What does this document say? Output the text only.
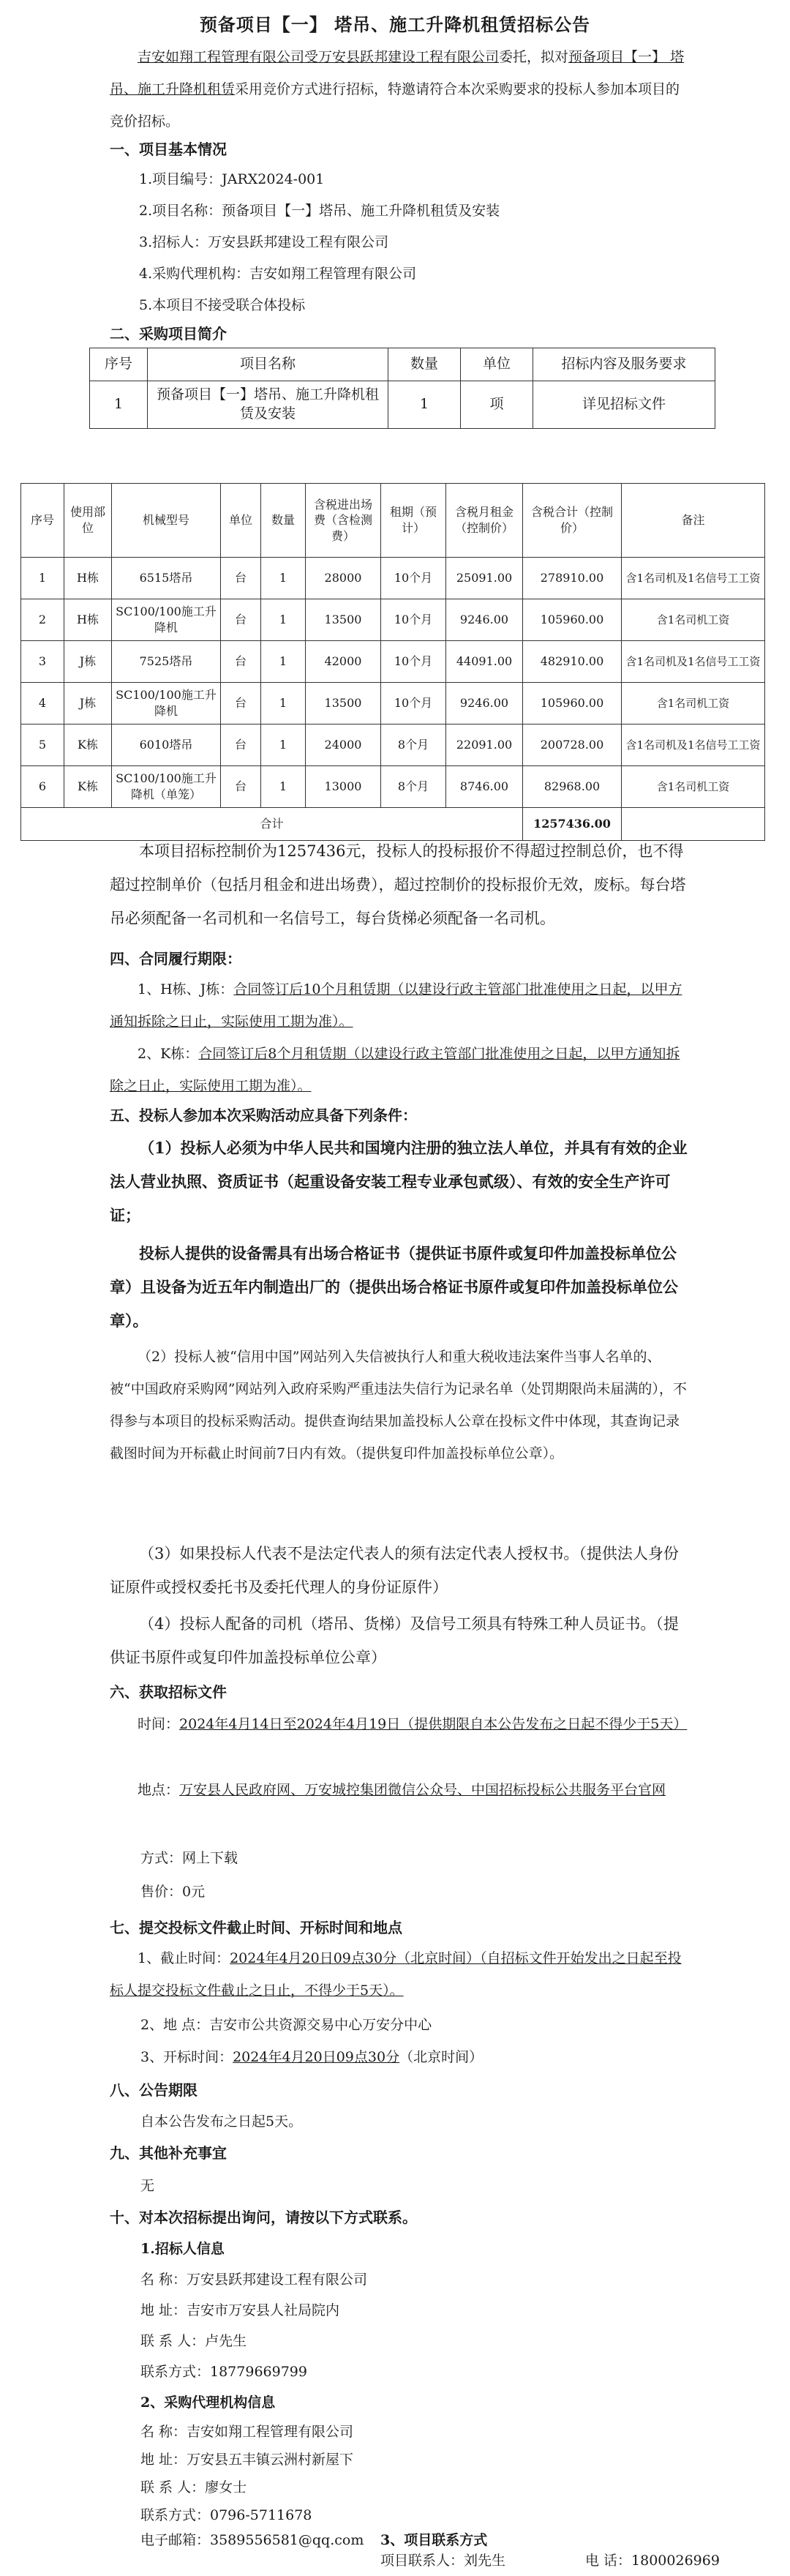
预备项目【一】 塔吊、施工升降机租赁招标公告
吉安如翔工程管理有限公司受万安县跃邦建设工程有限公司委托，拟对预备项目【一】 塔吊、施工升降机租赁采用竞价方式进行招标，特邀请符合本次采购要求的投标人参加本项目的竞价招标。
一、项目基本情况
1.项目编号：JARX2024-001
2.项目名称：预备项目【一】塔吊、施工升降机租赁及安装
3.招标人：万安县跃邦建设工程有限公司
4.采购代理机构：吉安如翔工程管理有限公司
5.本项目不接受联合体投标
二、采购项目简介
序号	项目名称	数量	单位	招标内容及服务要求
1	预备项目【一】塔吊、施工升降机租赁及安装	1	项	详见招标文件
序号	使用部位	机械型号	单位	数量	含税进出场费（含检测费）	租期（预计）	含税月租金（控制价）	含税合计（控制价）	备注
1	H栋	6515塔吊	台	1	28000	10个月	25091.00	278910.00	含1名司机及1名信号工工资
2	H栋	SC100/100施工升降机	台	1	13500	10个月	9246.00	105960.00	含1名司机工资
3	J栋	7525塔吊	台	1	42000	10个月	44091.00	482910.00	含1名司机及1名信号工工资
4	J栋	SC100/100施工升降机	台	1	13500	10个月	9246.00	105960.00	含1名司机工资
5	K栋	6010塔吊	台	1	24000	8个月	22091.00	200728.00	含1名司机及1名信号工工资
6	K栋	SC100/100施工升降机（单笼）	台	1	13000	8个月	8746.00	82968.00	含1名司机工资
合计								1257436.00	
本项目招标控制价为1257436元，投标人的投标报价不得超过控制总价，也不得超过控制单价（包括月租金和进出场费），超过控制价的投标报价无效，废标。每台塔吊必须配备一名司机和一名信号工，每台货梯必须配备一名司机。
四、合同履行期限：
1、H栋、J栋：合同签订后10个月租赁期（以建设行政主管部门批准使用之日起，以甲方通知拆除之日止，实际使用工期为准）。
2、K栋：合同签订后8个月租赁期（以建设行政主管部门批准使用之日起，以甲方通知拆除之日止，实际使用工期为准）。
五、投标人参加本次采购活动应具备下列条件：
（1）投标人必须为中华人民共和国境内注册的独立法人单位，并具有有效的企业法人营业执照、资质证书（起重设备安装工程专业承包贰级）、有效的安全生产许可证；
投标人提供的设备需具有出场合格证书（提供证书原件或复印件加盖投标单位公章）且设备为近五年内制造出厂的（提供出场合格证书原件或复印件加盖投标单位公章）。
（2）投标人被“信用中国”网站列入失信被执行人和重大税收违法案件当事人名单的、被“中国政府采购网”网站列入政府采购严重违法失信行为记录名单（处罚期限尚未届满的），不得参与本项目的投标采购活动。提供查询结果加盖投标人公章在投标文件中体现，其查询记录截图时间为开标截止时间前7日内有效。（提供复印件加盖投标单位公章）。
（3）如果投标人代表不是法定代表人的须有法定代表人授权书。（提供法人身份证原件或授权委托书及委托代理人的身份证原件）
（4）投标人配备的司机（塔吊、货梯）及信号工须具有特殊工种人员证书。（提供证书原件或复印件加盖投标单位公章）
六、获取招标文件
时间：2024年4月14日至2024年4月19日（提供期限自本公告发布之日起不得少于5天）
地点：万安县人民政府网、万安城控集团微信公众号、中国招标投标公共服务平台官网
方式：网上下载
售价：0元
七、提交投标文件截止时间、开标时间和地点
1、截止时间：2024年4月20日09点30分（北京时间）（自招标文件开始发出之日起至投标人提交投标文件截止之日止，不得少于5天）。
2、地 点：吉安市公共资源交易中心万安分中心
3、开标时间：2024年4月20日09点30分（北京时间）
八、公告期限
自本公告发布之日起5天。
九、其他补充事宜
无
十、对本次招标提出询问，请按以下方式联系。
1.招标人信息
名 称：万安县跃邦建设工程有限公司
地 址：吉安市万安县人社局院内
联 系 人：卢先生
联系方式：18779669799
2、采购代理机构信息
名 称：吉安如翔工程管理有限公司
地 址：万安县五丰镇云洲村新屋下
联 系 人：廖女士
联系方式：0796-5711678
电子邮箱：3589556581@qq.com 3、项目联系方式
项目联系人：刘先生	电 话：1800026969
